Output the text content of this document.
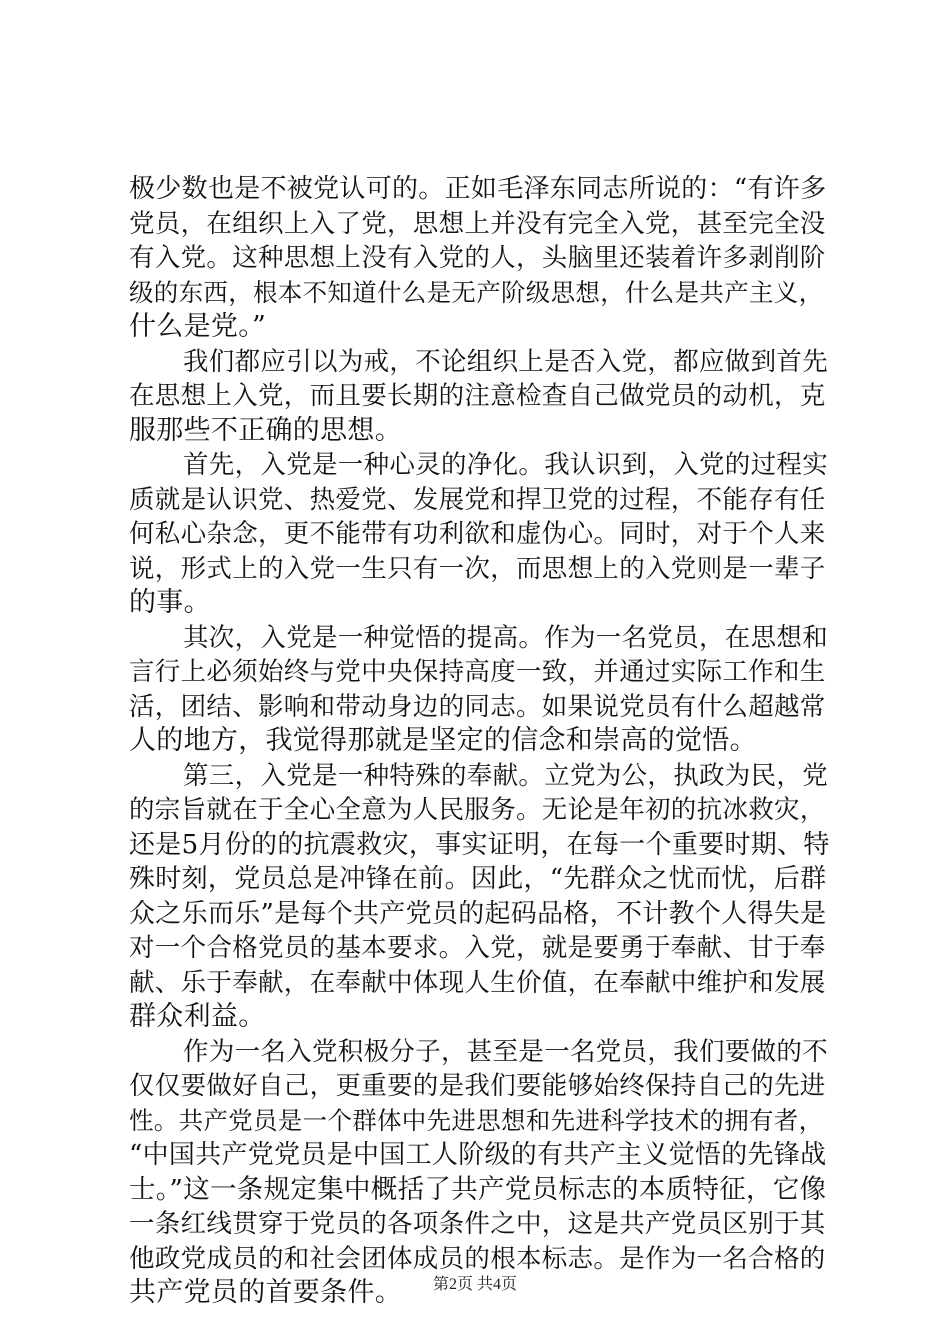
极少数也是不被党认可的。正如毛泽东同志所说的：“有许多
党员，在组织上入了党，思想上并没有完全入党，甚至完全没
有入党。这种思想上没有入党的人，头脑里还装着许多剥削阶
级的东西，根本不知道什么是无产阶级思想，什么是共产主义，
什么是党。”
我们都应引以为戒，不论组织上是否入党，都应做到首先
在思想上入党，而且要长期的注意检查自己做党员的动机，克
服那些不正确的思想。
首先，入党是一种心灵的净化。我认识到，入党的过程实
质就是认识党、热爱党、发展党和捍卫党的过程，不能存有任
何私心杂念，更不能带有功利欲和虚伪心。同时，对于个人来
说，形式上的入党一生只有一次，而思想上的入党则是一辈子
的事。
其次，入党是一种觉悟的提高。作为一名党员，在思想和
言行上必须始终与党中央保持高度一致，并通过实际工作和生
活，团结、影响和带动身边的同志。如果说党员有什么超越常
人的地方，我觉得那就是坚定的信念和崇高的觉悟。
第三，入党是一种特殊的奉献。立党为公，执政为民，党
的宗旨就在于全心全意为人民服务。无论是年初的抗冰救灾，
还是5月份的的抗震救灾，事实证明，在每一个重要时期、特
殊时刻，党员总是冲锋在前。因此，“先群众之忧而忧，后群
众之乐而乐”是每个共产党员的起码品格，不计教个人得失是
对一个合格党员的基本要求。入党，就是要勇于奉献、甘于奉
献、乐于奉献，在奉献中体现人生价值，在奉献中维护和发展
群众利益。
作为一名入党积极分子，甚至是一名党员，我们要做的不
仅仅要做好自己，更重要的是我们要能够始终保持自己的先进
性。共产党员是一个群体中先进思想和先进科学技术的拥有者，
“中国共产党党员是中国工人阶级的有共产主义觉悟的先锋战
士。”这一条规定集中概括了共产党员标志的本质特征，它像
一条红线贯穿于党员的各项条件之中，这是共产党员区别于其
他政党成员的和社会团体成员的根本标志。是作为一名合格的
共产党员的首要条件。	第2页 共4页
